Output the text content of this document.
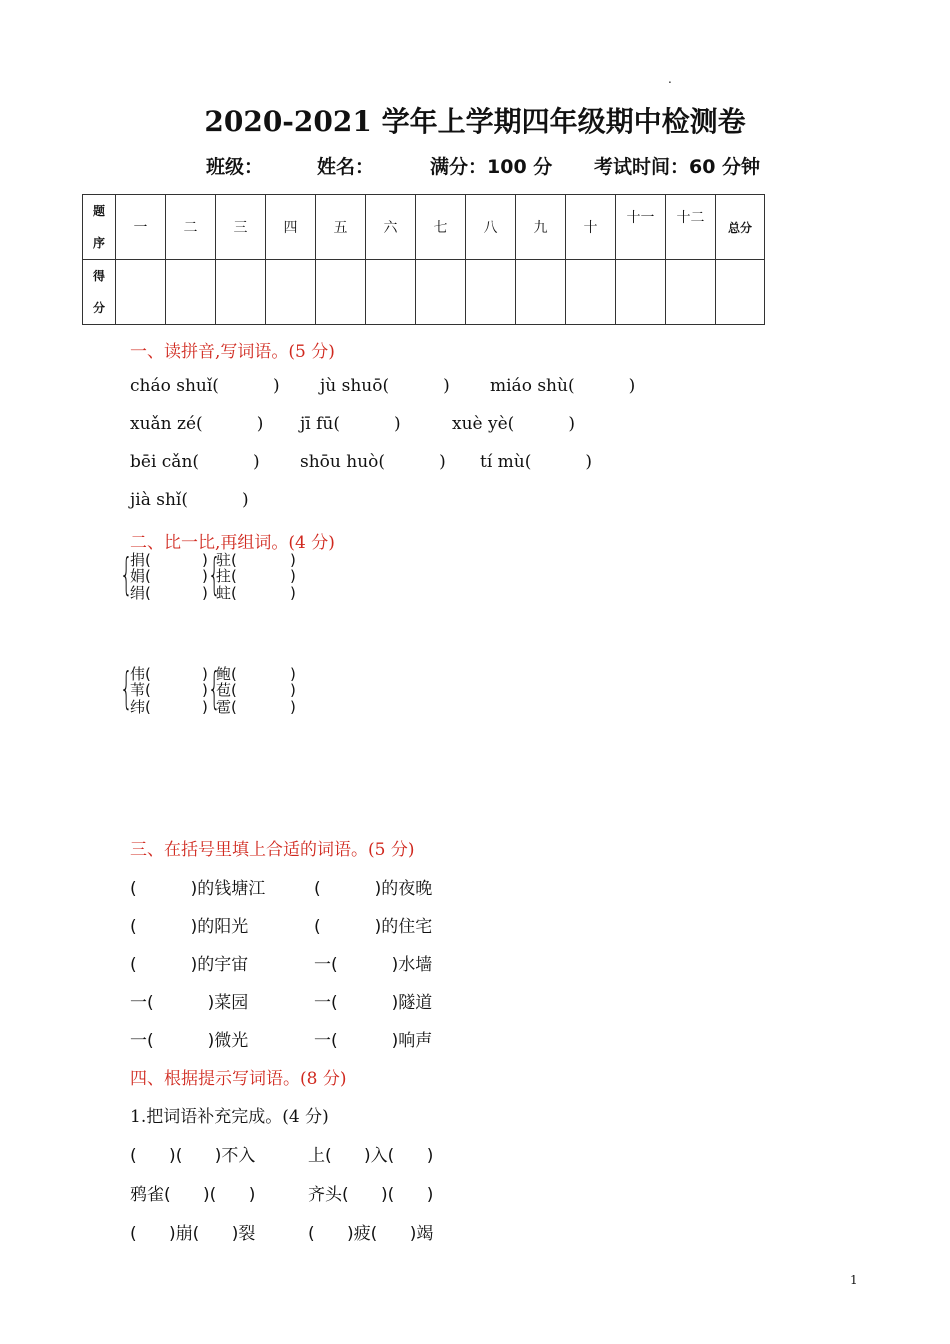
.
2020-2021 学年上学期四年级期中检测卷
班级：	姓名：	满分：100 分 考试时间：60 分钟
题
序	一	二	三	四	五	六	七	八	九	十	十一	十二	总分

得
分													

一、读拼音,写词语。(5 分)
cháo shuǐ(          ) jù shuō(          ) miáo shù(          )
xuǎn zé(          ) jī fū(          )	xuè yè(          )
bēi cǎn(          ) shōu huò(          ) tí mù(          )
jià shǐ(          )
二、比一比,再组词。(4 分)
{
捐(
娟(
绢(
)
)
) {
驻(
拄(
蛀(
)
)
)
{
伟(
苇(
纬(
)
)
) {
鲍(
苞(
雹(
)
)
)
三、在括号里填上合适的词语。(5 分)
(          )的钱塘江	(          )的夜晚
(          )的阳光	(          )的住宅
(          )的宇宙	一(          )水墙
一(          )菜园	一(          )隧道
一(          )微光	一(          )响声
四、根据提示写词语。(8 分)
1.把词语补充完成。(4 分)
(      )(      )不入	上(      )入(      )
鸦雀(      )(      )	齐头(      )(      )
(      )崩(      )裂	(      )疲(      )竭
1
